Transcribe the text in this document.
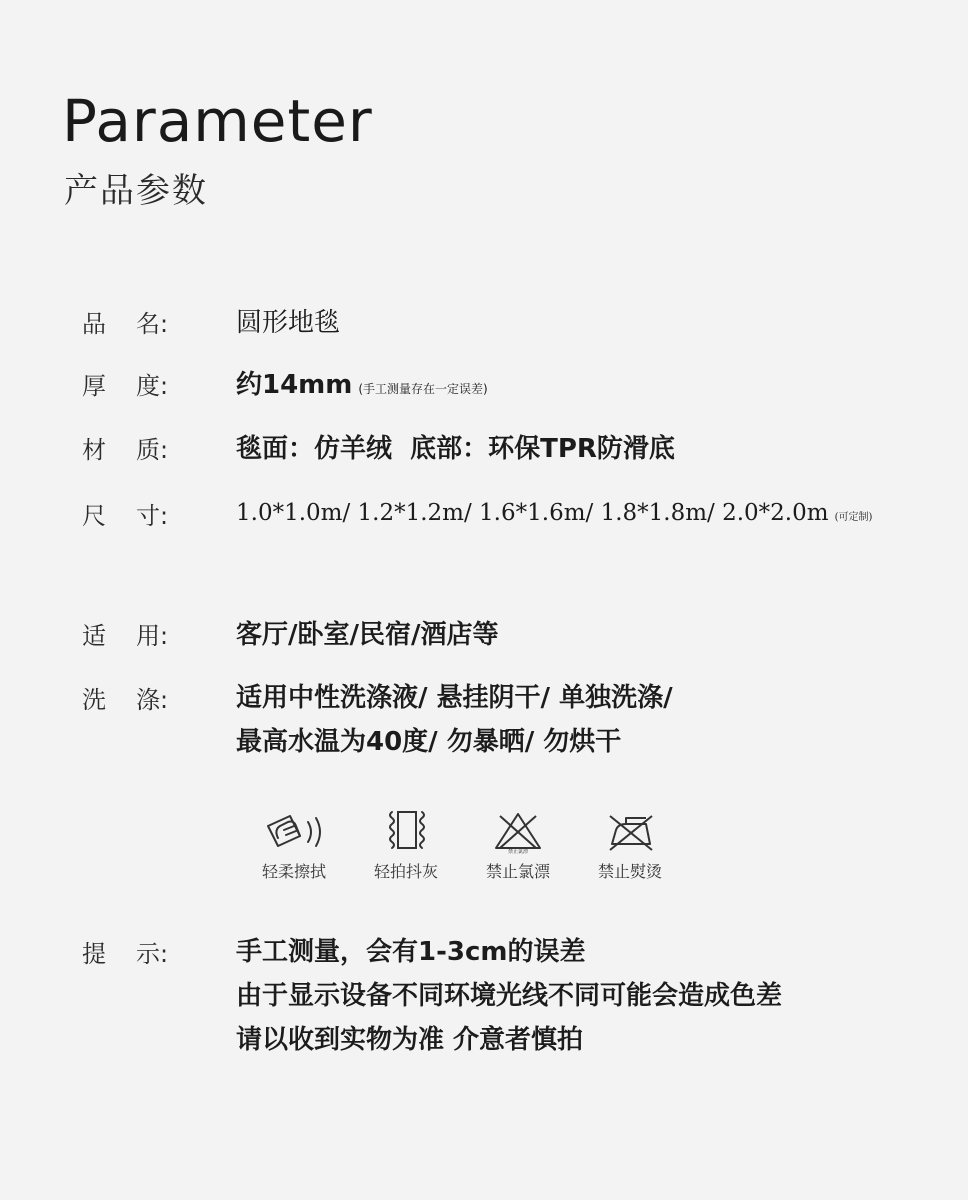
Parameter
产品参数
品 名:	圆形地毯
厚 度:	约14mm (手工测量存在一定误差)
材 质:	毯面：仿羊绒  底部：环保TPR防滑底
尺 寸:	1.0*1.0m/ 1.2*1.2m/ 1.6*1.6m/ 1.8*1.8m/ 2.0*2.0m (可定制)
适 用:	客厅/卧室/民宿/酒店等
洗 涤:	适用中性洗涤液/ 悬挂阴干/ 单独洗涤/
最高水温为40度/ 勿暴晒/ 勿烘干
轻柔擦拭	轻拍抖灰
禁止氯漂
禁止氯漂	禁止熨烫
提 示:	手工测量，会有1-3cm的误差
由于显示设备不同环境光线不同可能会造成色差
请以收到实物为准 介意者慎拍
